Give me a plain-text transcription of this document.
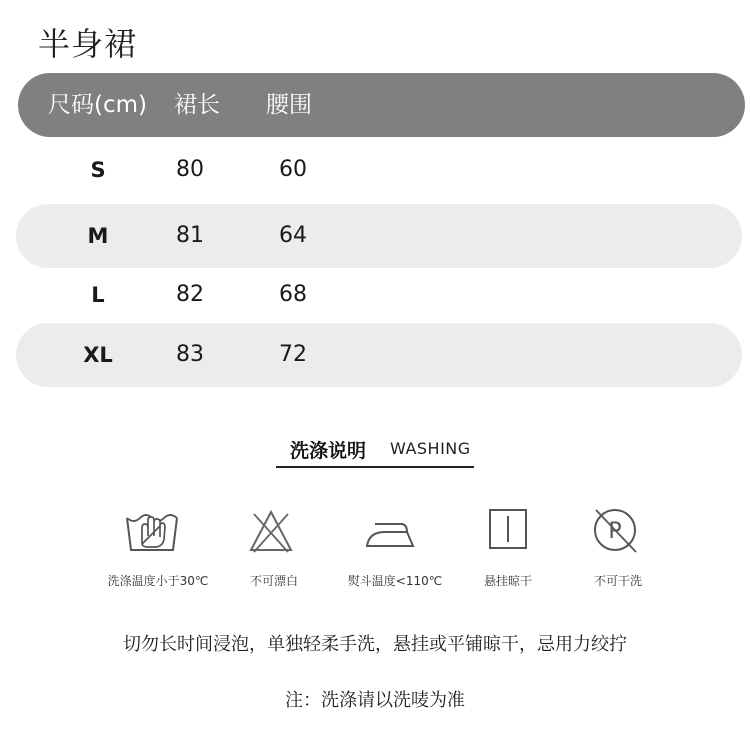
半身裙
尺码(cm) 裙长 腰围
S	80	60
M	81	64
L	82	68
XL	83	72
洗涤说明 WASHING
洗涤温度小于30℃	不可漂白	熨斗温度<110℃	悬挂晾干
P
不可干洗
切勿长时间浸泡，单独轻柔手洗，悬挂或平铺晾干，忌用力绞拧
注：洗涤请以洗唛为准
